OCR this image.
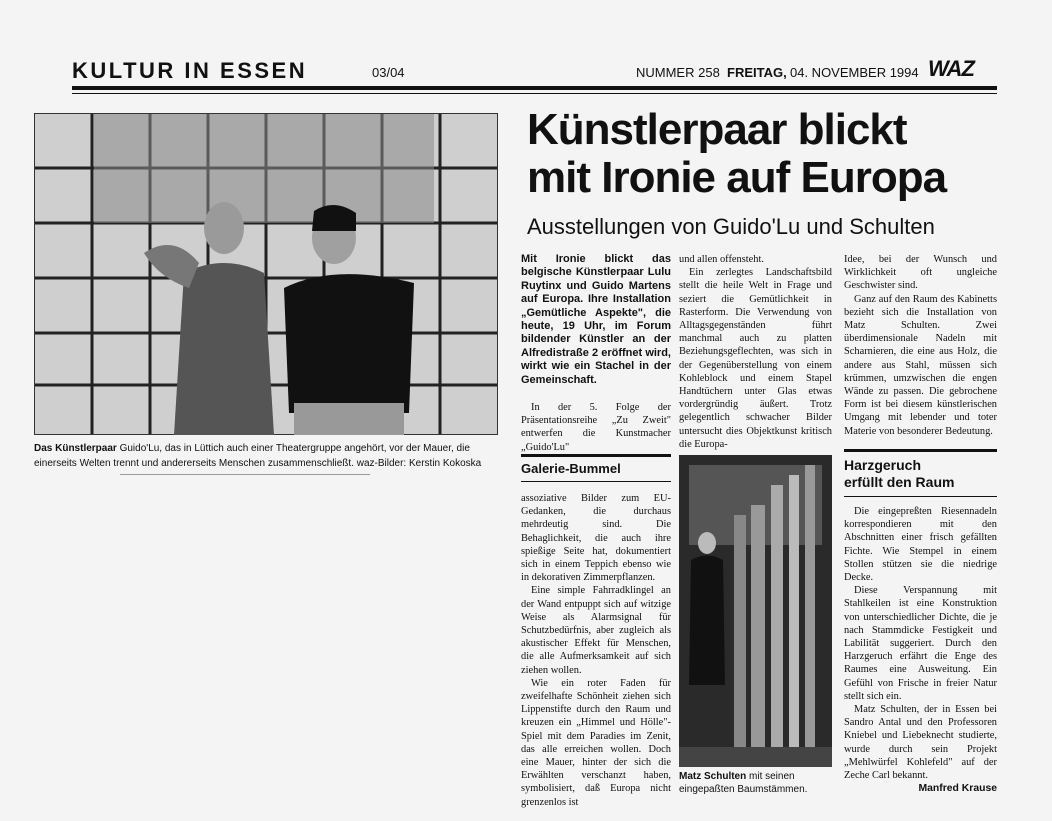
KULTUR IN ESSEN	03/04	NUMMER 258 FREITAG, 04. NOVEMBER 1994 WAZ
Künstlerpaar blickt
mit Ironie auf Europa
Ausstellungen von Guido'Lu und Schulten
Das Künstlerpaar Guido'Lu, das in Lüttich auch einer Theatergruppe angehört, vor der Mauer, die einerseits Welten trennt und andererseits Menschen zusammenschließt. waz-Bilder: Kerstin Kokoska
Mit Ironie blickt das belgische Künstlerpaar Lulu Ruytinx und Guido Martens auf Europa. Ihre Installation „Gemütliche Aspekte", die heute, 19 Uhr, im Forum bildender Künstler an der Alfredistraße 2 eröffnet wird, wirkt wie ein Stachel in der Gemeinschaft.

In der 5. Folge der Präsentationsreihe „Zu Zweit" entwerfen die Kunstmacher „Guido'Lu"

Galerie-Bummel

assoziative Bilder zum EU-Gedanken, die durchaus mehrdeutig sind. Die Behaglichkeit, die auch ihre spießige Seite hat, dokumentiert sich in einem Teppich ebenso wie in dekorativen Zimmerpflanzen.

Eine simple Fahrradklingel an der Wand entpuppt sich auf witzige Weise als Alarmsignal für Schutzbedürfnis, aber zugleich als akustischer Effekt für Menschen, die alle Aufmerksamkeit auf sich ziehen wollen.

Wie ein roter Faden für zweifelhafte Schönheit ziehen sich Lippenstifte durch den Raum und kreuzen ein „Himmel und Hölle"-Spiel mit dem Paradies im Zenit, das alle erreichen wollen. Doch eine Mauer, hinter der sich die Erwählten verschanzt haben, symbolisiert, daß Europa nicht grenzenlos ist

und allen offensteht.

Ein zerlegtes Landschaftsbild stellt die heile Welt in Frage und seziert die Gemütlichkeit in Rasterform. Die Verwendung von Alltagsgegenständen führt manchmal auch zu platten Beziehungsgeflechten, was sich in der Gegenüberstellung von einem Kohleblock und einem Stapel Handtüchern unter Glas etwas vordergründig äußert. Trotz gelegentlich schwacher Bilder untersucht dies Objektkunst kritisch die Europa-

Matz Schulten mit seinen eingepaßten Baumstämmen.

Idee, bei der Wunsch und Wirklichkeit oft ungleiche Geschwister sind.

Ganz auf den Raum des Kabinetts bezieht sich die Installation von Matz Schulten. Zwei überdimensionale Nadeln mit Scharnieren, die eine aus Holz, die andere aus Stahl, müssen sich krümmen, umzwischen die engen Wände zu passen. Die gebrochene Form ist bei diesem künstlerischen Umgang mit lebender und toter Materie von besonderer Bedeutung.

Harzgeruch
erfüllt den Raum

Die eingepreßten Riesennadeln korrespondieren mit den Abschnitten einer frisch gefällten Fichte. Wie Stempel in einem Stollen stützen sie die niedrige Decke.

Diese Verspannung mit Stahlkeilen ist eine Konstruktion von unterschiedlicher Dichte, die je nach Stammdicke Festigkeit und Labilität suggeriert. Durch den Harzgeruch erfährt die Enge des Raumes eine Ausweitung. Ein Gefühl von Frische in freier Natur stellt sich ein.

Matz Schulten, der in Essen bei Sandro Antal und den Professoren Kniebel und Liebeknecht studierte, wurde durch sein Projekt „Mehlwürfel Kohlefeld" auf der Zeche Carl bekannt.
Manfred Krause
